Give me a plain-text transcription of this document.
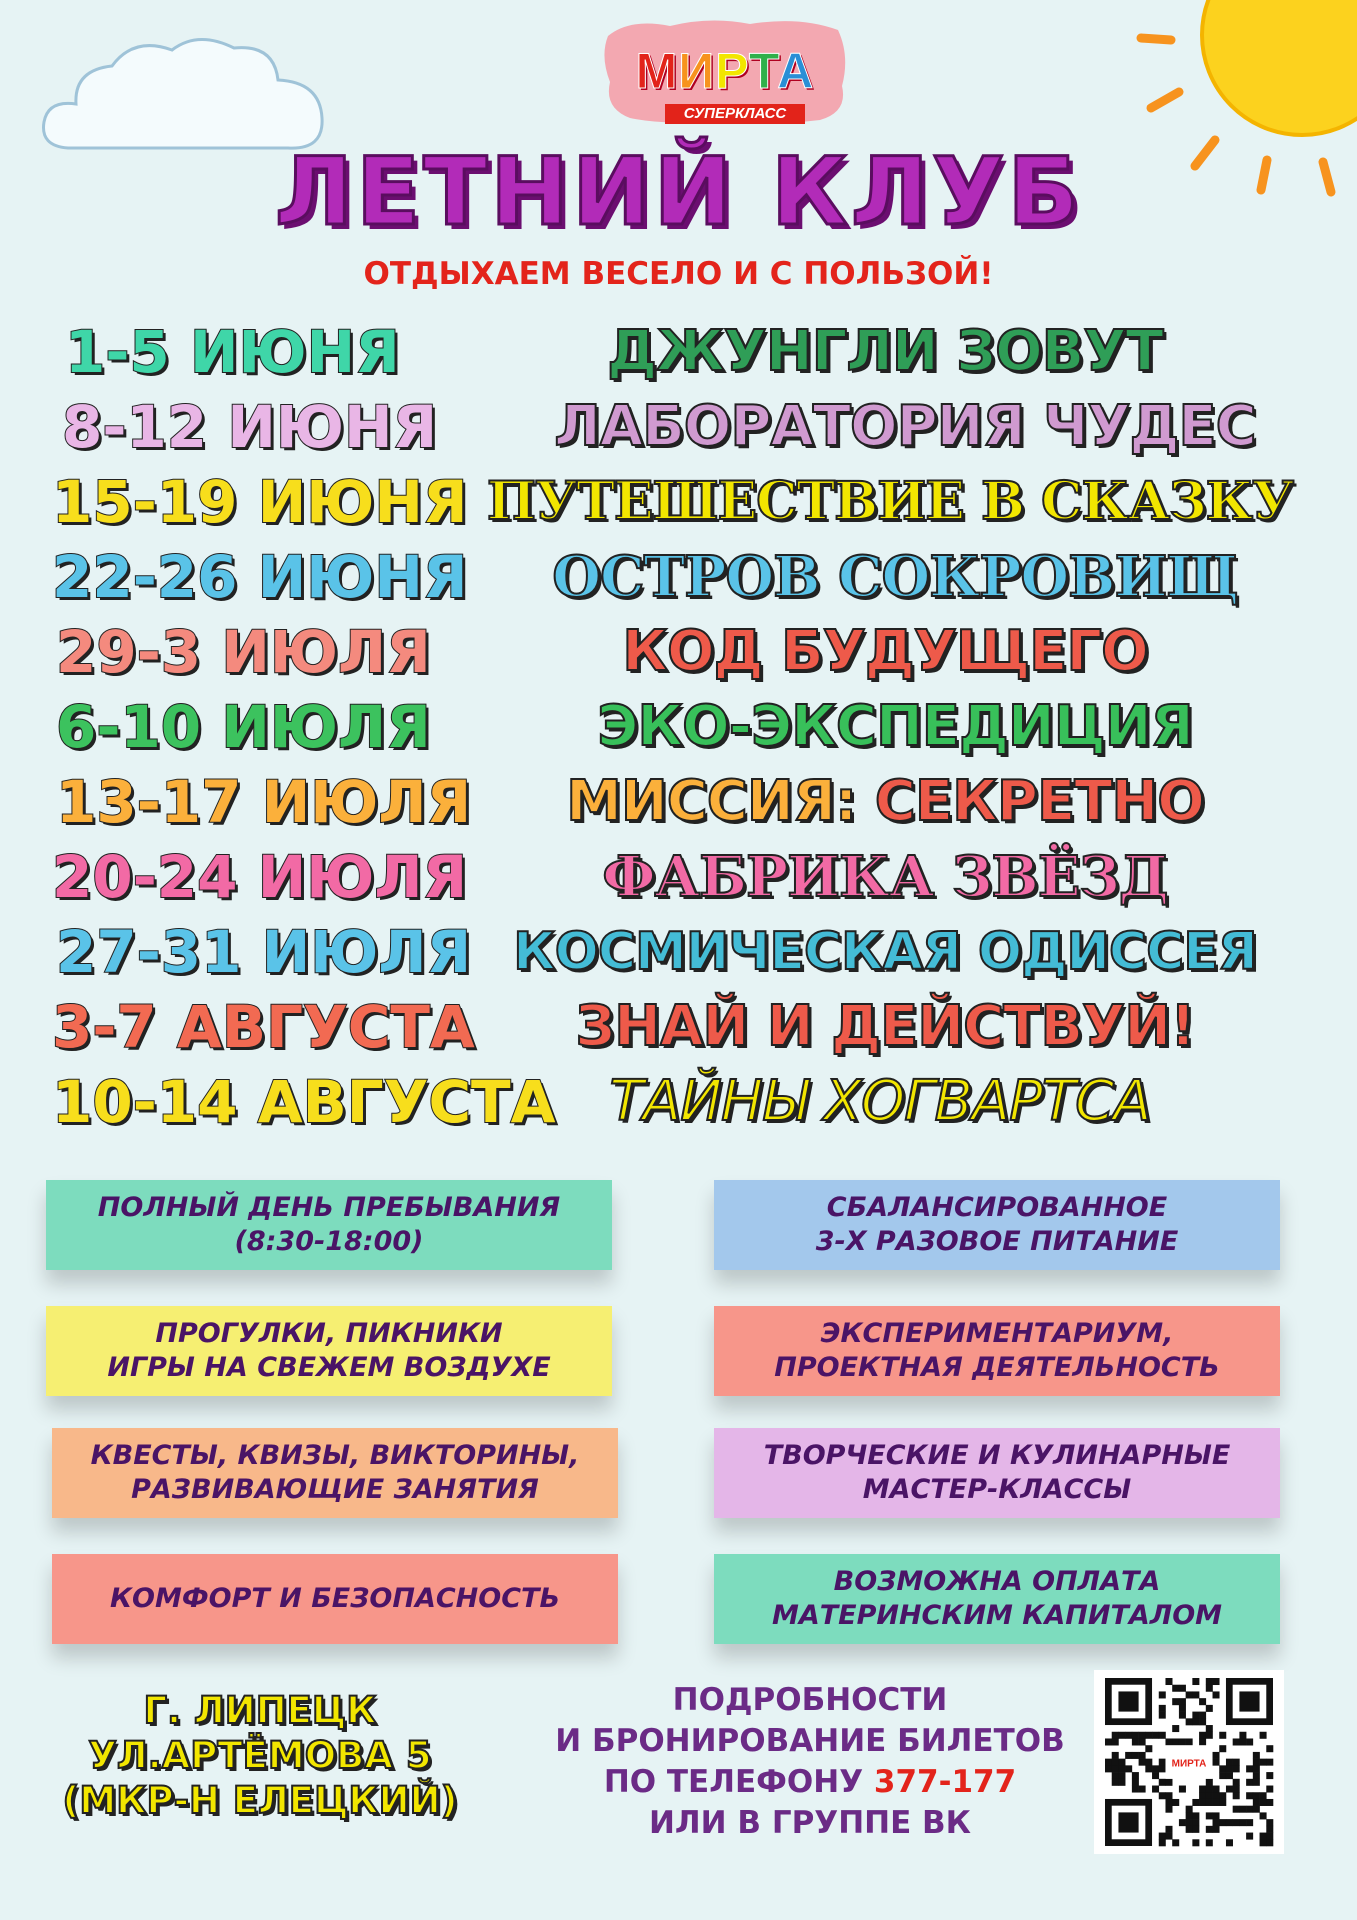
МИРТА
СУПЕРКЛАСС
ЛЕТНИЙ КЛУБ
ОТДЫХАЕМ ВЕСЕЛО И С ПОЛЬЗОЙ!
1-5 ИЮНЯ	ДЖУНГЛИ ЗОВУТ
8-12 ИЮНЯ	ЛАБОРАТОРИЯ ЧУДЕС
15-19 ИЮНЯ ПУТЕШЕСТВИЕ В СКАЗКУ
22-26 ИЮНЯ	ОСТРОВ СОКРОВИЩ
29-3 ИЮЛЯ	КОД БУДУЩЕГО
6-10 ИЮЛЯ	ЭКО-ЭКСПЕДИЦИЯ
13-17 ИЮЛЯ	МИССИЯ: СЕКРЕТНО
20-24 ИЮЛЯ	ФАБРИКА ЗВЁЗД
27-31 ИЮЛЯ КОСМИЧЕСКАЯ ОДИССЕЯ
3-7 АВГУСТА	ЗНАЙ И ДЕЙСТВУЙ!
10-14 АВГУСТА ТАЙНЫ ХОГВАРТСА
ПОЛНЫЙ ДЕНЬ ПРЕБЫВАНИЯ
(8:30-18:00)
СБАЛАНСИРОВАННОЕ
3-Х РАЗОВОЕ ПИТАНИЕ
ПРОГУЛКИ, ПИКНИКИ
ИГРЫ НА СВЕЖЕМ ВОЗДУХЕ
ЭКСПЕРИМЕНТАРИУМ,
ПРОЕКТНАЯ ДЕЯТЕЛЬНОСТЬ
КВЕСТЫ, КВИЗЫ, ВИКТОРИНЫ,
РАЗВИВАЮЩИЕ ЗАНЯТИЯ
ТВОРЧЕСКИЕ И КУЛИНАРНЫЕ
МАСТЕР-КЛАССЫ
КОМФОРТ И БЕЗОПАСНОСТЬ
ВОЗМОЖНА ОПЛАТА
МАТЕРИНСКИМ КАПИТАЛОМ
Г. ЛИПЕЦК
УЛ.АРТЁМОВА 5
(МКР-Н ЕЛЕЦКИЙ)
ПОДРОБНОСТИ
И БРОНИРОВАНИЕ БИЛЕТОВ
ПО ТЕЛЕФОНУ 377-177
ИЛИ В ГРУППЕ ВК
МИРТА
